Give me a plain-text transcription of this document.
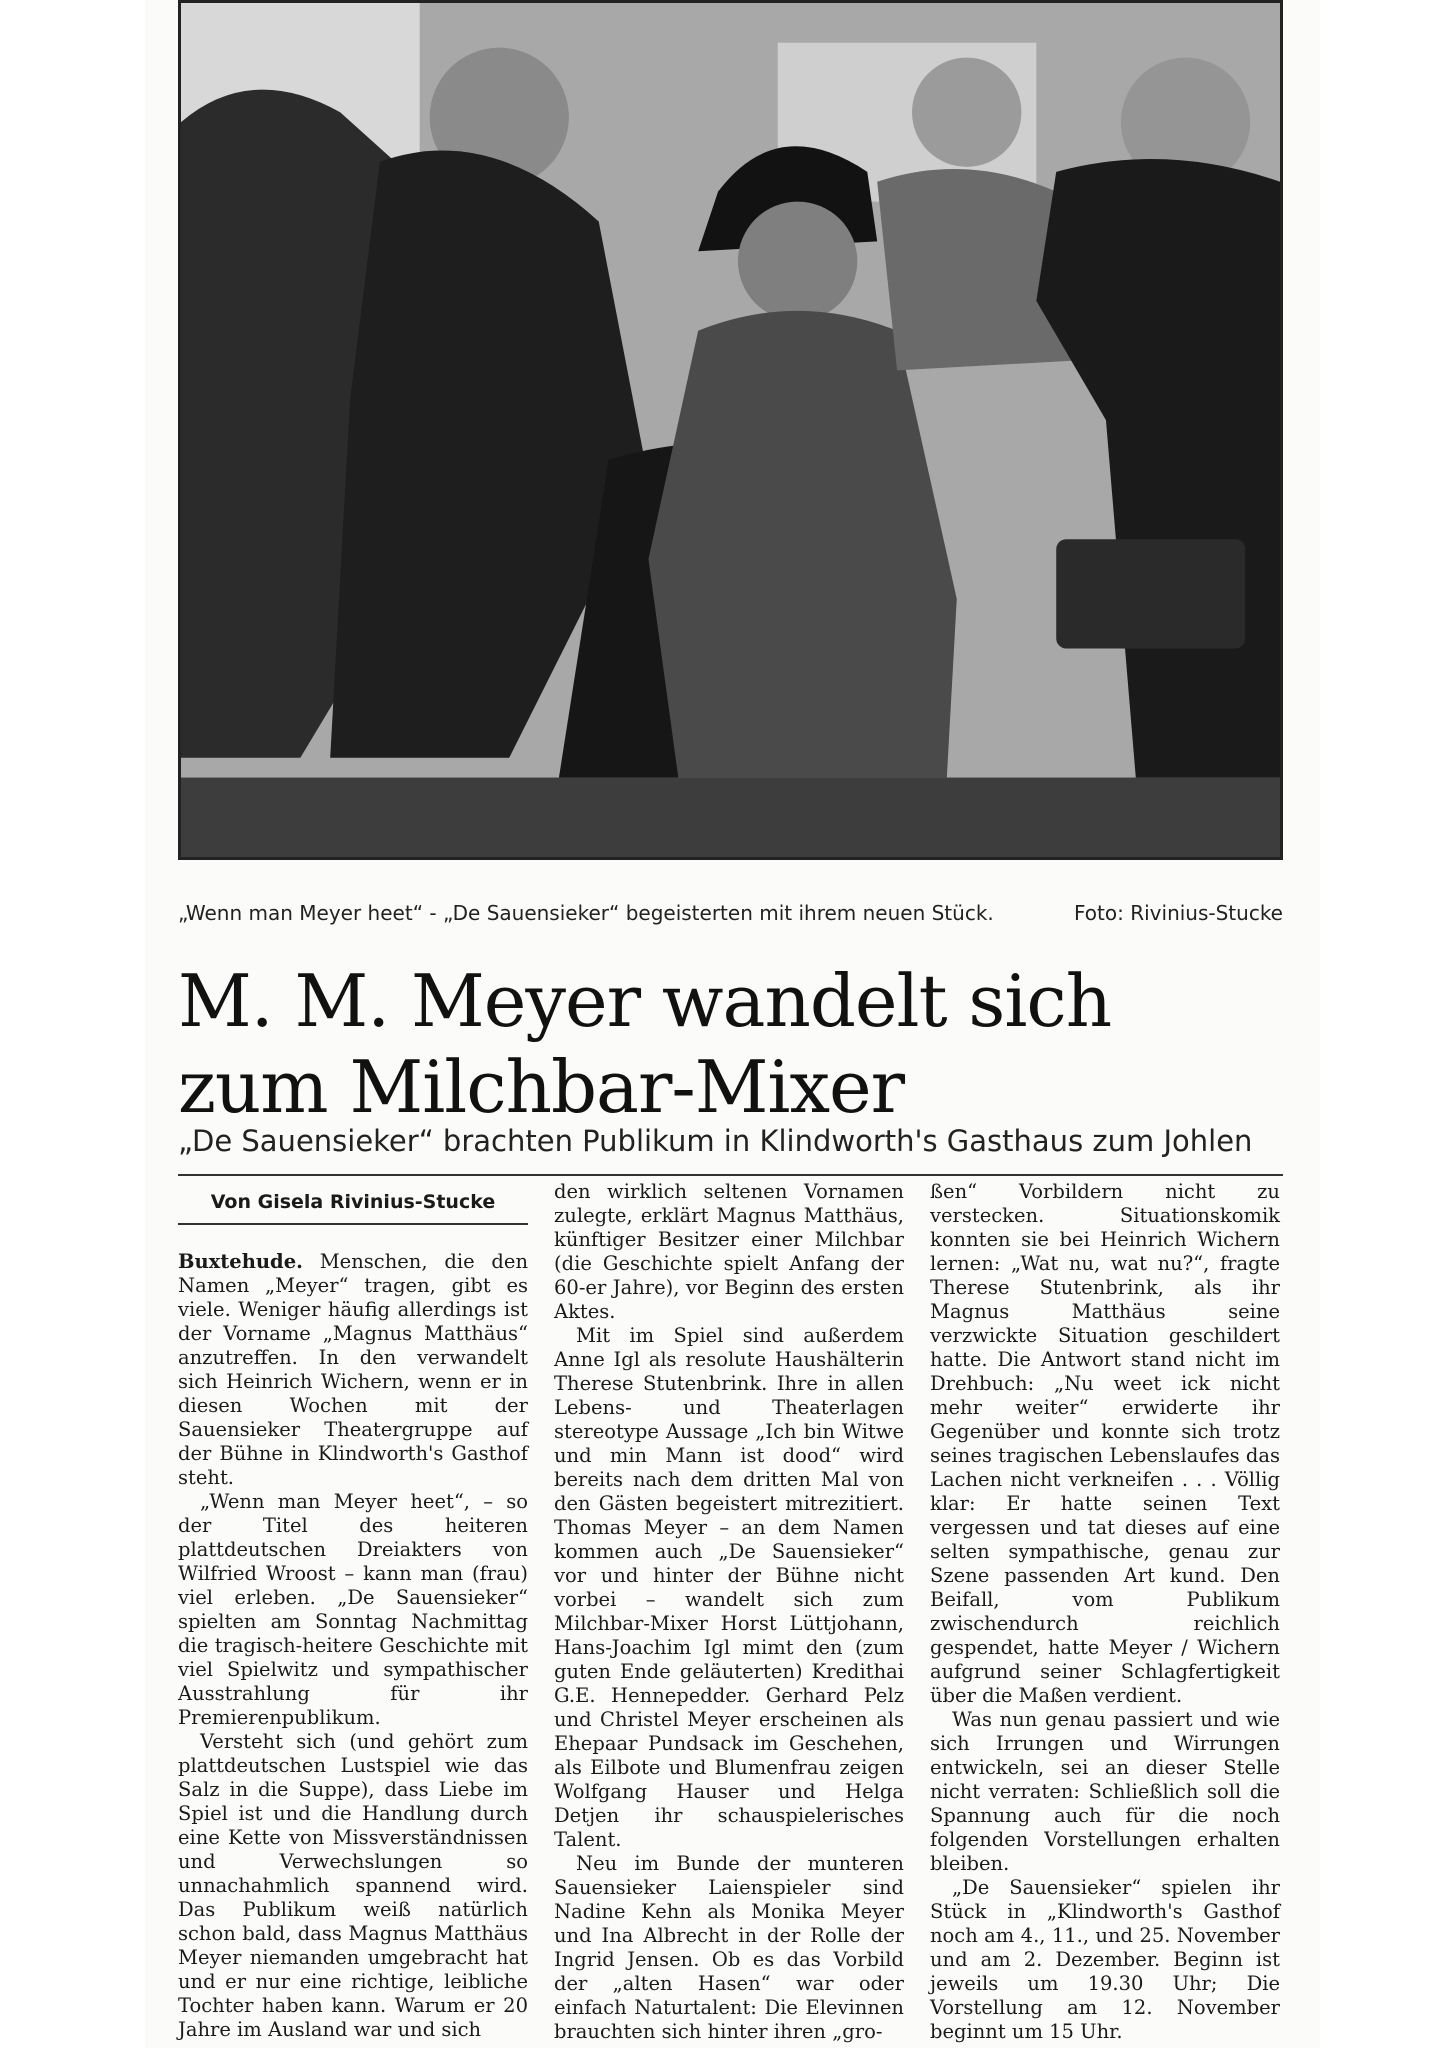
„Wenn man Meyer heet“ - „De Sauensieker“ begeisterten mit ihrem neuen Stück.	Foto: Rivinius-Stucke
M. M. Meyer wandelt sich
zum Milchbar-Mixer
„De Sauensieker“ brachten Publikum in Klindworth's Gasthaus zum Johlen
Von Gisela Rivinius-Stucke

Buxtehude. Menschen, die den Namen „Meyer“ tragen, gibt es viele. Weniger häufig allerdings ist der Vorname „Magnus Matthäus“ anzutreffen. In den verwandelt sich Heinrich Wichern, wenn er in diesen Wochen mit der Sauensieker Theatergruppe auf der Bühne in Klindworth's Gasthof steht.

„Wenn man Meyer heet“, – so der Titel des heiteren plattdeutschen Dreiakters von Wilfried Wroost – kann man (frau) viel erleben. „De Sauensieker“ spielten am Sonntag Nachmittag die tragisch-heitere Geschichte mit viel Spielwitz und sympathischer Ausstrahlung für ihr Premierenpublikum.

Versteht sich (und gehört zum plattdeutschen Lustspiel wie das Salz in die Suppe), dass Liebe im Spiel ist und die Handlung durch eine Kette von Missverständnissen und Verwechslungen so unnachahmlich spannend wird. Das Publikum weiß natürlich schon bald, dass Magnus Matthäus Meyer niemanden umgebracht hat und er nur eine richtige, leibliche Tochter haben kann. Warum er 20 Jahre im Ausland war und sich

den wirklich seltenen Vornamen zulegte, erklärt Magnus Matthäus, künftiger Besitzer einer Milchbar (die Geschichte spielt Anfang der 60-er Jahre), vor Beginn des ersten Aktes.

Mit im Spiel sind außerdem Anne Igl als resolute Haushälterin Therese Stutenbrink. Ihre in allen Lebens- und Theaterlagen stereotype Aussage „Ich bin Witwe und min Mann ist dood“ wird bereits nach dem dritten Mal von den Gästen begeistert mitrezitiert. Thomas Meyer – an dem Namen kommen auch „De Sauensieker“ vor und hinter der Bühne nicht vorbei – wandelt sich zum Milchbar-Mixer Horst Lüttjohann, Hans-Joachim Igl mimt den (zum guten Ende geläuterten) Kredithai G.E. Hennepedder. Gerhard Pelz und Christel Meyer erscheinen als Ehepaar Pundsack im Geschehen, als Eilbote und Blumenfrau zeigen Wolfgang Hauser und Helga Detjen ihr schauspielerisches Talent.

Neu im Bunde der munteren Sauensieker Laienspieler sind Nadine Kehn als Monika Meyer und Ina Albrecht in der Rolle der Ingrid Jensen. Ob es das Vorbild der „alten Hasen“ war oder einfach Naturtalent: Die Elevinnen brauchten sich hinter ihren „gro-

ßen“ Vorbildern nicht zu verstecken. Situationskomik konnten sie bei Heinrich Wichern lernen: „Wat nu, wat nu?“, fragte Therese Stutenbrink, als ihr Magnus Matthäus seine verzwickte Situation geschildert hatte. Die Antwort stand nicht im Drehbuch: „Nu weet ick nicht mehr weiter“ erwiderte ihr Gegenüber und konnte sich trotz seines tragischen Lebenslaufes das Lachen nicht verkneifen . . . Völlig klar: Er hatte seinen Text vergessen und tat dieses auf eine selten sympathische, genau zur Szene passenden Art kund. Den Beifall, vom Publikum zwischendurch reichlich gespendet, hatte Meyer / Wichern aufgrund seiner Schlagfertigkeit über die Maßen verdient.

Was nun genau passiert und wie sich Irrungen und Wirrungen entwickeln, sei an dieser Stelle nicht verraten: Schließlich soll die Spannung auch für die noch folgenden Vorstellungen erhalten bleiben.

„De Sauensieker“ spielen ihr Stück in „Klindworth's Gasthof noch am 4., 11., und 25. November und am 2. Dezember. Beginn ist jeweils um 19.30 Uhr; Die Vorstellung am 12. November beginnt um 15 Uhr.
